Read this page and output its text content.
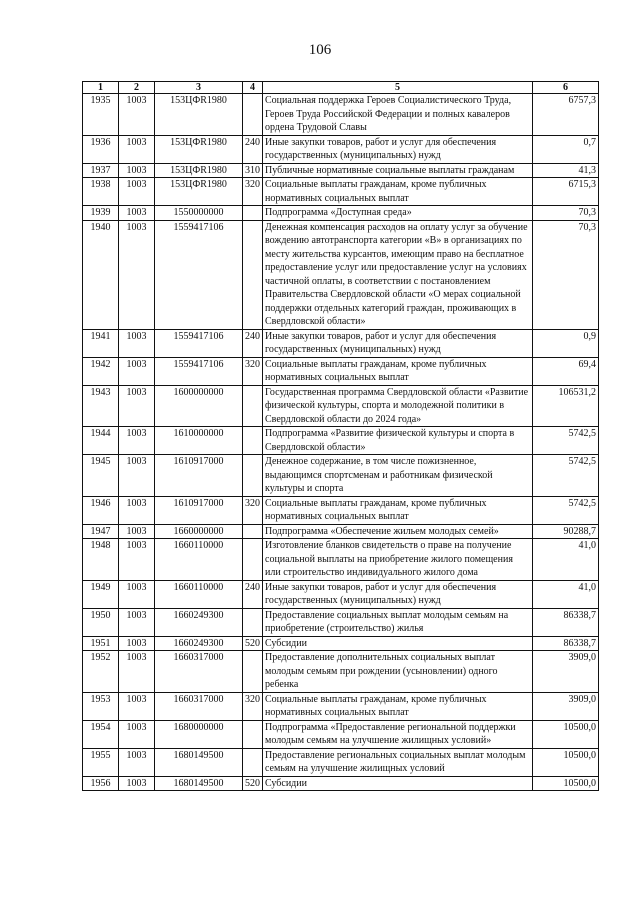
106
1	2	3	4	5	6
1935	1003	153ЦФR1980		Социальная поддержка Героев Социалистического Труда, Героев Труда Российской Федерации и полных кавалеров ордена Трудовой Славы	6757,3
1936	1003	153ЦФR1980	240	Иные закупки товаров, работ и услуг для обеспечения государственных (муниципальных) нужд	0,7
1937	1003	153ЦФR1980	310	Публичные нормативные социальные выплаты гражданам	41,3
1938	1003	153ЦФR1980	320	Социальные выплаты гражданам, кроме публичных нормативных социальных выплат	6715,3
1939	1003	1550000000		Подпрограмма «Доступная среда»	70,3
1940	1003	1559417106		Денежная компенсация расходов на оплату услуг за обучение вождению автотранспорта категории «В» в организациях по месту жительства курсантов, имеющим право на бесплатное предоставление услуг или предоставление услуг на условиях частичной оплаты, в соответствии с постановлением Правительства Свердловской области «О мерах социальной поддержки отдельных категорий граждан, проживающих в Свердловской области»	70,3
1941	1003	1559417106	240	Иные закупки товаров, работ и услуг для обеспечения государственных (муниципальных) нужд	0,9
1942	1003	1559417106	320	Социальные выплаты гражданам, кроме публичных нормативных социальных выплат	69,4
1943	1003	1600000000		Государственная программа Свердловской области «Развитие физической культуры, спорта и молодежной политики в Свердловской области до 2024 года»	106531,2
1944	1003	1610000000		Подпрограмма «Развитие физической культуры и спорта в Свердловской области»	5742,5
1945	1003	1610917000		Денежное содержание, в том числе пожизненное, выдающимся спортсменам и работникам физической культуры и спорта	5742,5
1946	1003	1610917000	320	Социальные выплаты гражданам, кроме публичных нормативных социальных выплат	5742,5
1947	1003	1660000000		Подпрограмма «Обеспечение жильем молодых семей»	90288,7
1948	1003	1660110000		Изготовление бланков свидетельств о праве на получение социальной выплаты на приобретение жилого помещения или строительство индивидуального жилого дома	41,0
1949	1003	1660110000	240	Иные закупки товаров, работ и услуг для обеспечения государственных (муниципальных) нужд	41,0
1950	1003	1660249300		Предоставление социальных выплат молодым семьям на приобретение (строительство) жилья	86338,7
1951	1003	1660249300	520	Субсидии	86338,7
1952	1003	1660317000		Предоставление дополнительных социальных выплат молодым семьям при рождении (усыновлении) одного ребенка	3909,0
1953	1003	1660317000	320	Социальные выплаты гражданам, кроме публичных нормативных социальных выплат	3909,0
1954	1003	1680000000		Подпрограмма «Предоставление региональной поддержки молодым семьям на улучшение жилищных условий»	10500,0
1955	1003	1680149500		Предоставление региональных социальных выплат молодым семьям на улучшение жилищных условий	10500,0
1956	1003	1680149500	520	Субсидии	10500,0
